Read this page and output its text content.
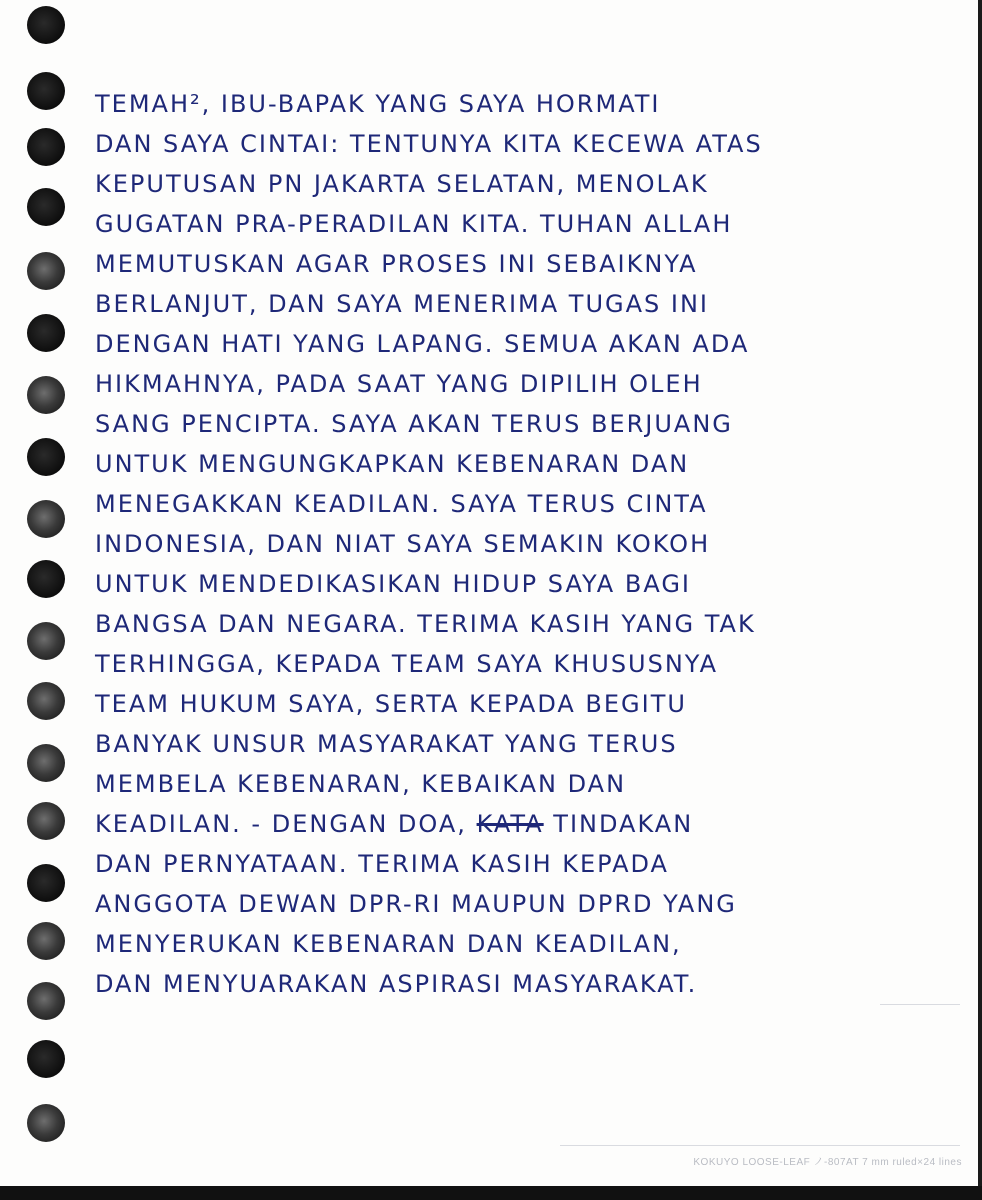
TEMAH², IBU-BAPAK YANG SAYA HORMATI
DAN SAYA CINTAI: TENTUNYA KITA KECEWA ATAS
KEPUTUSAN PN JAKARTA SELATAN, MENOLAK
GUGATAN PRA-PERADILAN KITA. TUHAN ALLAH
MEMUTUSKAN AGAR PROSES INI SEBAIKNYA
BERLANJUT, DAN SAYA MENERIMA TUGAS INI
DENGAN HATI YANG LAPANG. SEMUA AKAN ADA
HIKMAHNYA, PADA SAAT YANG DIPILIH OLEH
SANG PENCIPTA. SAYA AKAN TERUS BERJUANG
UNTUK MENGUNGKAPKAN KEBENARAN DAN
MENEGAKKAN KEADILAN. SAYA TERUS CINTA
INDONESIA, DAN NIAT SAYA SEMAKIN KOKOH
UNTUK MENDEDIKASIKAN HIDUP SAYA BAGI
BANGSA DAN NEGARA. TERIMA KASIH YANG TAK
TERHINGGA, KEPADA TEAM SAYA KHUSUSNYA
TEAM HUKUM SAYA, SERTA KEPADA BEGITU
BANYAK UNSUR MASYARAKAT YANG TERUS
MEMBELA KEBENARAN, KEBAIKAN DAN
KEADILAN. - DENGAN DOA, KATA TINDAKAN
DAN PERNYATAAN. TERIMA KASIH KEPADA
ANGGOTA DEWAN DPR-RI MAUPUN DPRD YANG
MENYERUKAN KEBENARAN DAN KEADILAN,
DAN MENYUARAKAN ASPIRASI MASYARAKAT.
KOKUYO LOOSE-LEAF ノ-807AT 7 mm ruled×24 lines
